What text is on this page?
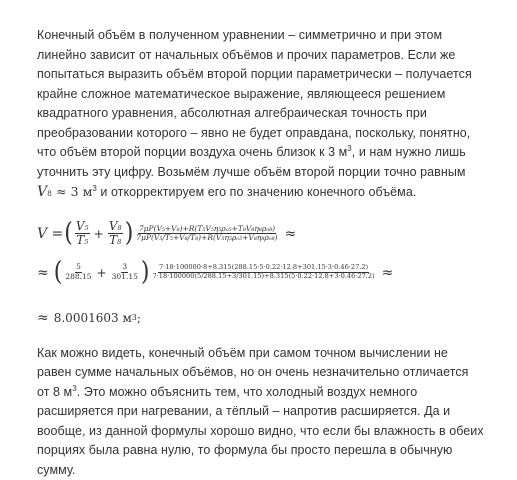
Конечный объём в полученном уравнении – симметрично и при этом
линейно зависит от начальных объёмов и прочих параметров. Если же
попытаться выразить объём второй порции параметрически – получается
крайне сложное математическое выражение, являющееся решением
квадратного уравнения, абсолютная алгебраическая точность при
преобразовании которого – явно не будет оправдана, поскольку, понятно,
что объём второй порции воздуха очень близок к 3 $м^3$, и нам нужно лишь
уточнить эту цифру. Возьмём лучше объём второй порции точно равным
V8 ≈ 3 $м^3$ и откорректируем его по значению конечного объёма.

V = ( $\frac{V5}{T5} + \frac{V8}{T8}$ ) $\frac{\text{7μP(V₅+V₈)+R(T₅V₅η₅ρₒ₅+T₈V₈η₈ρₒ₈)}}{\text{7μP(V₅/T₅+V₈/T₈)+R(V₅η₅ρₒ₅+V₈η₈ρₒ₈)}}$ ≈
≈ ( $\frac{5}{288.15} + \frac{3}{301.15}$ ) 7·18·100000·8+8.315(288.15·5·0.22·12.8+301.15·3·0.46·27.2)
7·18·100000(5/288.15+3/301.15)+8.315(5·0.22·12.8+3·0.46·27.2) ≈
≈ 8.0001603 м 3 ;

Как можно видеть, конечный объём при самом точном вычислении не
равен сумме начальных объёмов, но он очень незначительно отличается
от 8 $м^3$. Это можно объяснить тем, что холодный воздух немного
расширяется при нагревании, а тёплый – напротив расширяется. Да и
вообще, из данной формулы хорошо видно, что если бы влажность в обеих
порциях была равна нулю, то формула бы просто перешла в обычную
сумму.
